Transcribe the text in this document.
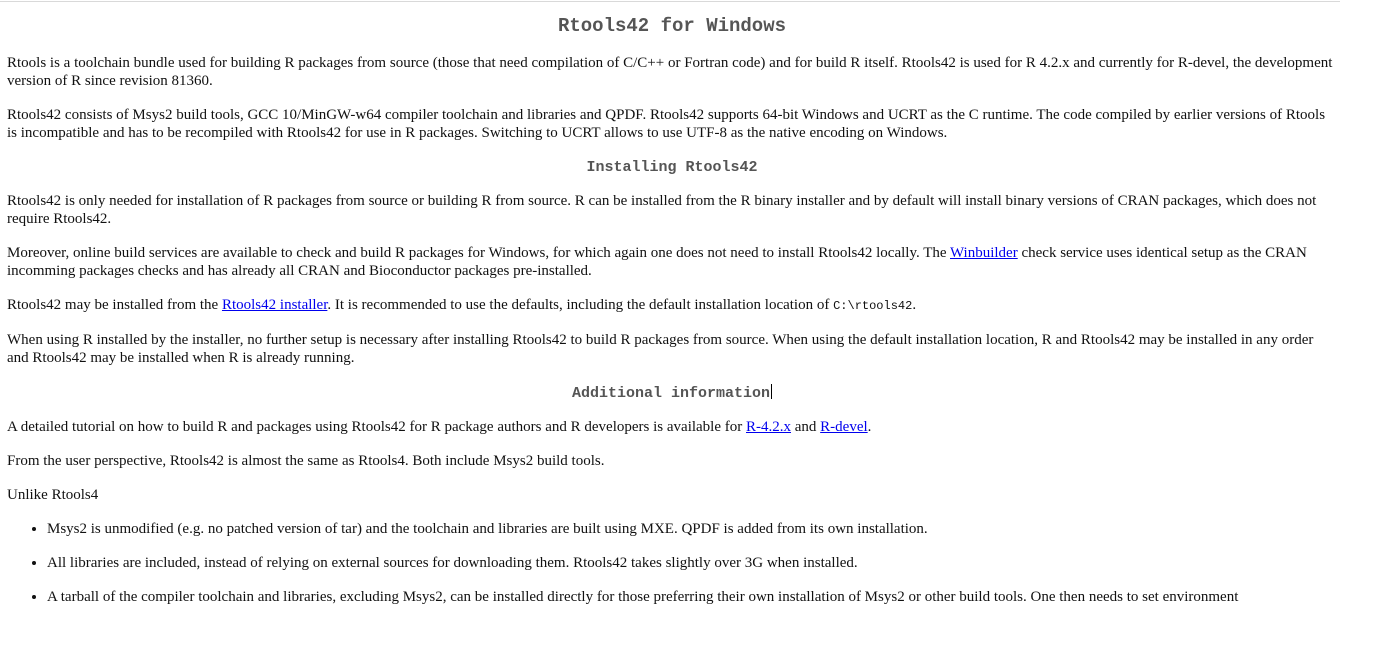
Rtools42 for Windows

Rtools is a toolchain bundle used for building R packages from source (those that need compilation of C/C++ or Fortran code) and for build R itself. Rtools42 is used for R 4.2.x and currently for R-devel, the development version of R since revision 81360.

Rtools42 consists of Msys2 build tools, GCC 10/MinGW-w64 compiler toolchain and libraries and QPDF. Rtools42 supports 64-bit Windows and UCRT as the C runtime. The code compiled by earlier versions of Rtools is incompatible and has to be recompiled with Rtools42 for use in R packages. Switching to UCRT allows to use UTF-8 as the native encoding on Windows.

Installing Rtools42

Rtools42 is only needed for installation of R packages from source or building R from source. R can be installed from the R binary installer and by default will install binary versions of CRAN packages, which does not require Rtools42.

Moreover, online build services are available to check and build R packages for Windows, for which again one does not need to install Rtools42 locally. The Winbuilder check service uses identical setup as the CRAN incomming packages checks and has already all CRAN and Bioconductor packages pre-installed.

Rtools42 may be installed from the Rtools42 installer. It is recommended to use the defaults, including the default installation location of C:\rtools42.

When using R installed by the installer, no further setup is necessary after installing Rtools42 to build R packages from source. When using the default installation location, R and Rtools42 may be installed in any order and Rtools42 may be installed when R is already running.

Additional information

A detailed tutorial on how to build R and packages using Rtools42 for R package authors and R developers is available for R-4.2.x and R-devel.

From the user perspective, Rtools42 is almost the same as Rtools4. Both include Msys2 build tools.

Unlike Rtools4

• Msys2 is unmodified (e.g. no patched version of tar) and the toolchain and libraries are built using MXE. QPDF is added from its own installation.
• All libraries are included, instead of relying on external sources for downloading them. Rtools42 takes slightly over 3G when installed.
• A tarball of the compiler toolchain and libraries, excluding Msys2, can be installed directly for those preferring their own installation of Msys2 or other build tools. One then needs to set environment
